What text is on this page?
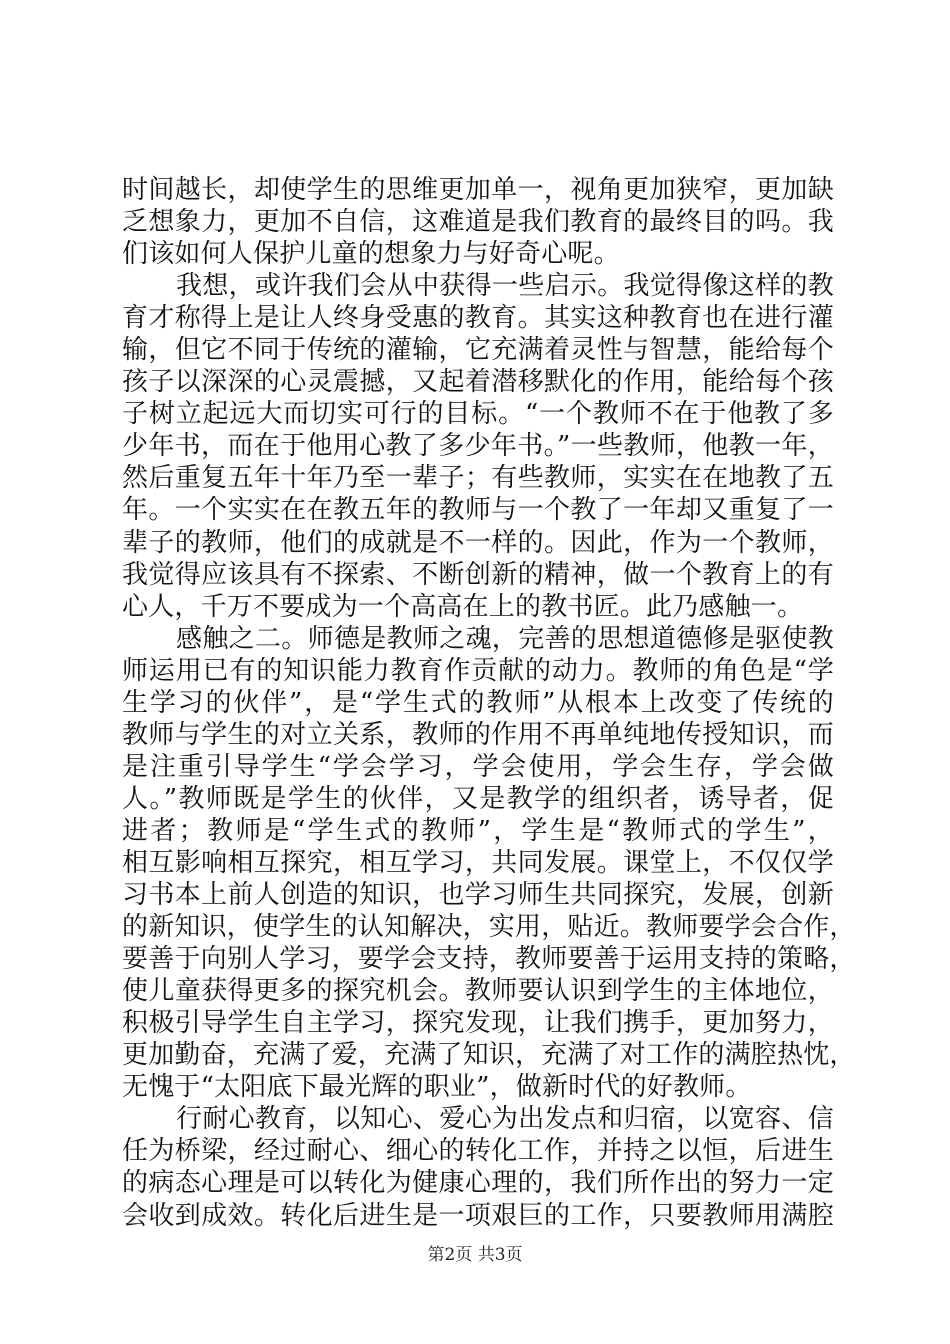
时间越长，却使学生的思维更加单一，视角更加狭窄，更加缺
乏想象力，更加不自信，这难道是我们教育的最终目的吗。我
们该如何人保护儿童的想象力与好奇心呢。
我想，或许我们会从中获得一些启示。我觉得像这样的教
育才称得上是让人终身受惠的教育。其实这种教育也在进行灌
输，但它不同于传统的灌输，它充满着灵性与智慧，能给每个
孩子以深深的心灵震撼，又起着潜移默化的作用，能给每个孩
子树立起远大而切实可行的目标。“一个教师不在于他教了多
少年书，而在于他用心教了多少年书。”一些教师，他教一年，
然后重复五年十年乃至一辈子；有些教师，实实在在地教了五
年。一个实实在在教五年的教师与一个教了一年却又重复了一
辈子的教师，他们的成就是不一样的。因此，作为一个教师，
我觉得应该具有不探索、不断创新的精神，做一个教育上的有
心人，千万不要成为一个高高在上的教书匠。此乃感触一。
感触之二。师德是教师之魂，完善的思想道德修是驱使教
师运用已有的知识能力教育作贡献的动力。教师的角色是“学
生学习的伙伴”，是“学生式的教师”从根本上改变了传统的
教师与学生的对立关系，教师的作用不再单纯地传授知识，而
是注重引导学生“学会学习，学会使用，学会生存，学会做
人。”教师既是学生的伙伴，又是教学的组织者，诱导者，促
进者；教师是“学生式的教师”，学生是“教师式的学生”，
相互影响相互探究，相互学习，共同发展。课堂上，不仅仅学
习书本上前人创造的知识，也学习师生共同探究，发展，创新
的新知识，使学生的认知解决，实用，贴近。教师要学会合作，
要善于向别人学习，要学会支持，教师要善于运用支持的策略，
使儿童获得更多的探究机会。教师要认识到学生的主体地位，
积极引导学生自主学习，探究发现，让我们携手，更加努力，
更加勤奋，充满了爱，充满了知识，充满了对工作的满腔热忱，
无愧于“太阳底下最光辉的职业”，做新时代的好教师。
行耐心教育，以知心、爱心为出发点和归宿，以宽容、信
任为桥梁，经过耐心、细心的转化工作，并持之以恒，后进生
的病态心理是可以转化为健康心理的，我们所作出的努力一定
会收到成效。转化后进生是一项艰巨的工作，只要教师用满腔
第2页 共3页
